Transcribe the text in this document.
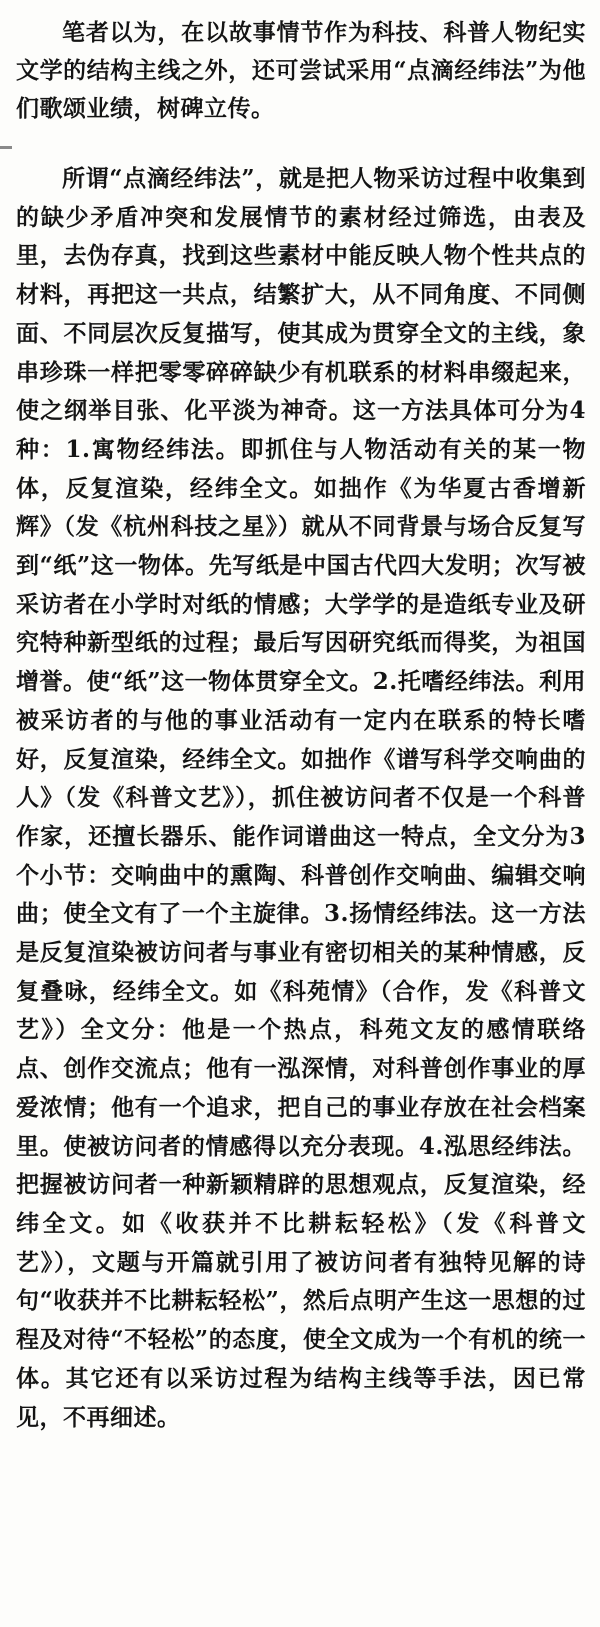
笔者以为，在以故事情节作为科技、科普人物纪实文学的结构主线之外，还可尝试采用“点滴经纬法”为他们歌颂业绩，树碑立传。

所谓“点滴经纬法”，就是把人物采访过程中收集到的缺少矛盾冲突和发展情节的素材经过筛选，由表及里，去伪存真，找到这些素材中能反映人物个性共点的材料，再把这一共点，结繁扩大，从不同角度、不同侧面、不同层次反复描写，使其成为贯穿全文的主线，象串珍珠一样把零零碎碎缺少有机联系的材料串缀起来，使之纲举目张、化平淡为神奇。这一方法具体可分为4种：1.寓物经纬法。即抓住与人物活动有关的某一物体，反复渲染，经纬全文。如拙作《为华夏古香增新辉》（发《杭州科技之星》）就从不同背景与场合反复写到“纸”这一物体。先写纸是中国古代四大发明；次写被采访者在小学时对纸的情感；大学学的是造纸专业及研究特种新型纸的过程；最后写因研究纸而得奖，为祖国增誉。使“纸”这一物体贯穿全文。2.托嗜经纬法。利用被采访者的与他的事业活动有一定内在联系的特长嗜好，反复渲染，经纬全文。如拙作《谱写科学交响曲的人》（发《科普文艺》），抓住被访问者不仅是一个科普作家，还擅长器乐、能作词谱曲这一特点，全文分为3个小节：交响曲中的熏陶、科普创作交响曲、编辑交响曲；使全文有了一个主旋律。3.扬情经纬法。这一方法是反复渲染被访问者与事业有密切相关的某种情感，反复叠咏，经纬全文。如《科苑情》（合作，发《科普文艺》）全文分：他是一个热点，科苑文友的感情联络点、创作交流点；他有一泓深情，对科普创作事业的厚爱浓情；他有一个追求，把自己的事业存放在社会档案里。使被访问者的情感得以充分表现。4.泓思经纬法。把握被访问者一种新颖精辟的思想观点，反复渲染，经纬全文。如《收获并不比耕耘轻松》（发《科普文艺》），文题与开篇就引用了被访问者有独特见解的诗句“收获并不比耕耘轻松”，然后点明产生这一思想的过程及对待“不轻松”的态度，使全文成为一个有机的统一体。其它还有以采访过程为结构主线等手法，因已常见，不再细述。
